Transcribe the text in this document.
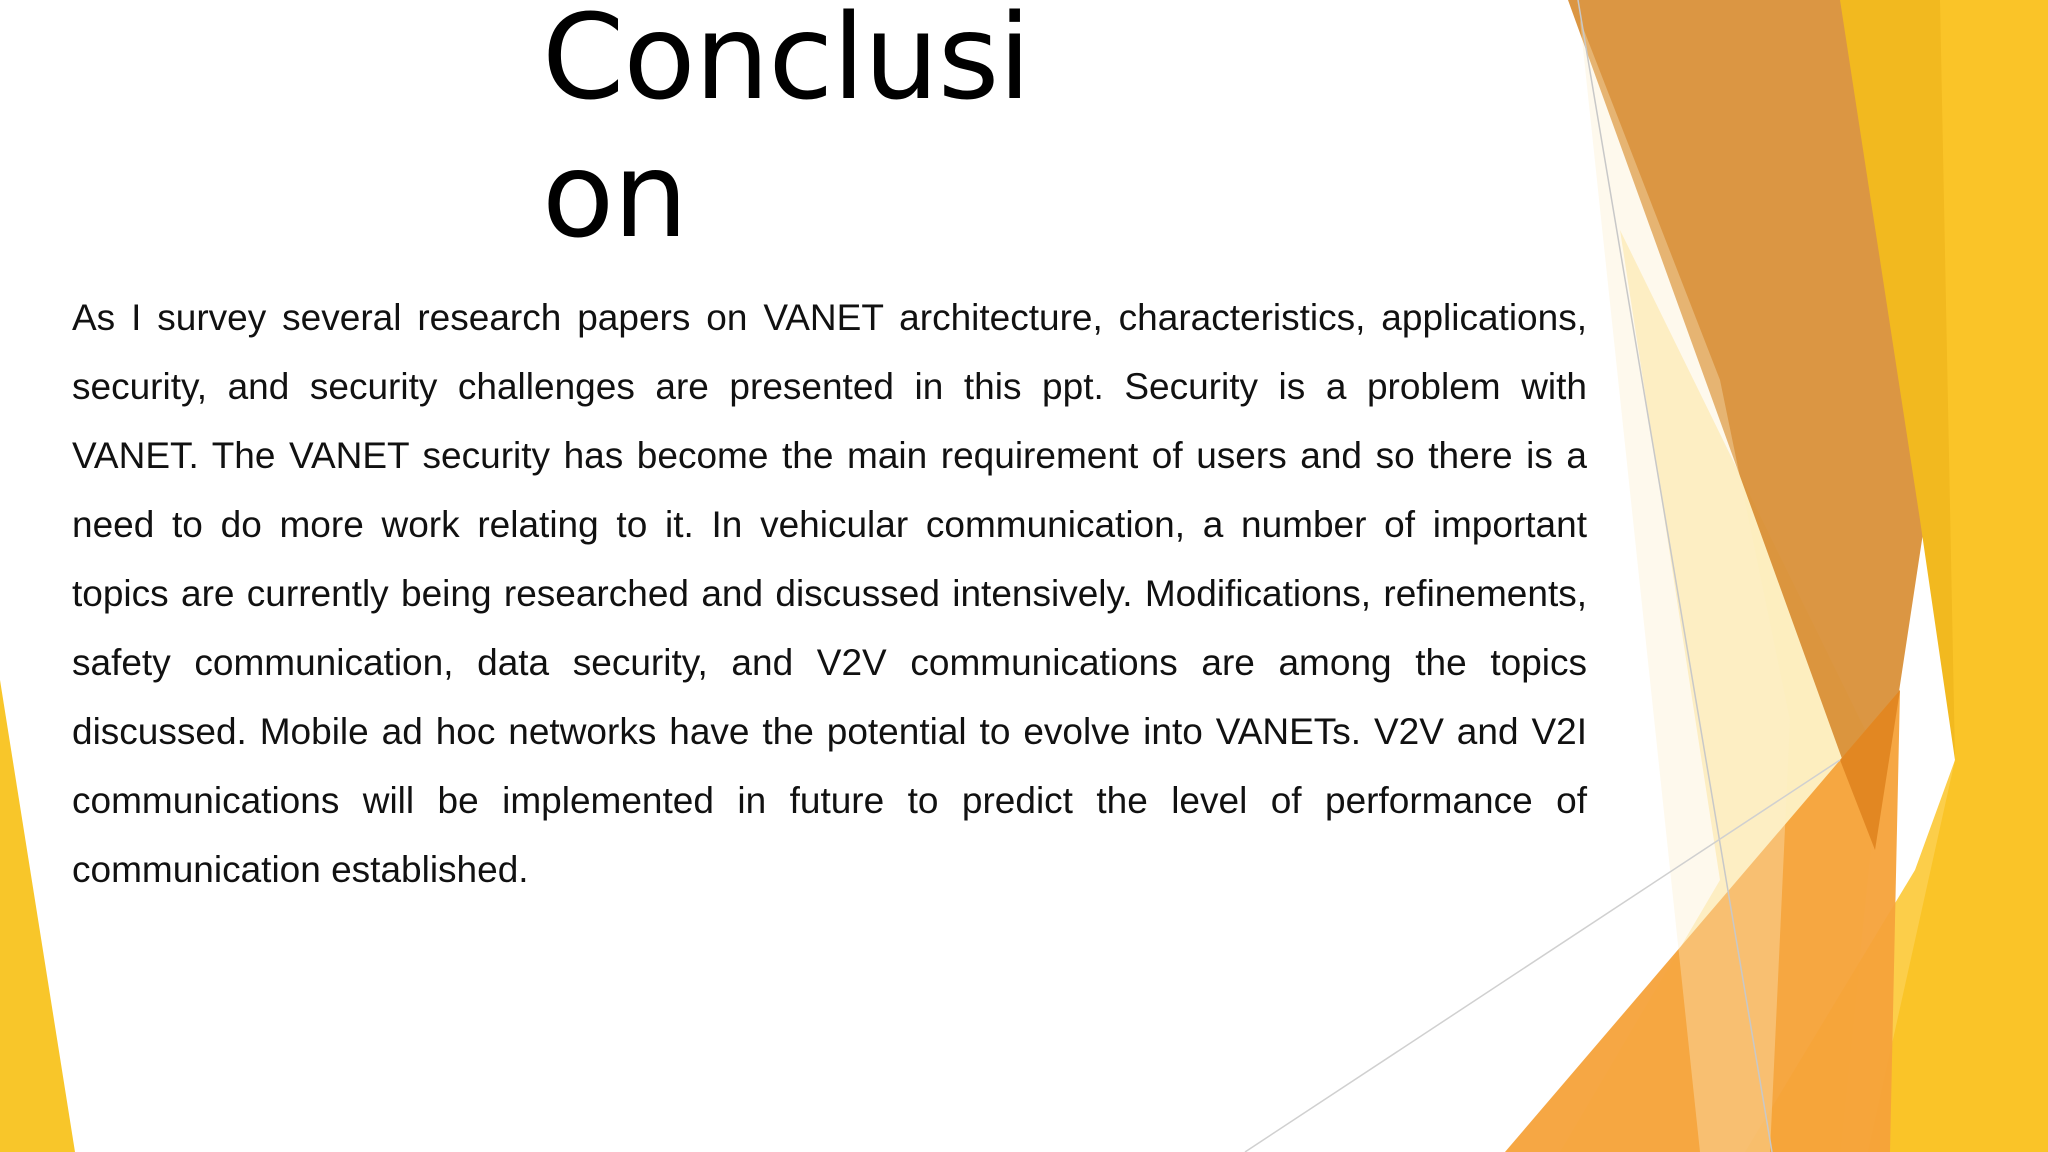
Conclusion

As I survey several research papers on VANET architecture, characteristics, applications, security, and security challenges are presented in this ppt. Security is a problem with VANET. The VANET security has become the main requirement of users and so there is a need to do more work relating to it. In vehicular communication, a number of important topics are currently being researched and discussed intensively. Modifications, refinements, safety communication, data security, and V2V communications are among the topics discussed. Mobile ad hoc networks have the potential to evolve into VANETs. V2V and V2I communications will be implemented in future to predict the level of performance of communication established.
